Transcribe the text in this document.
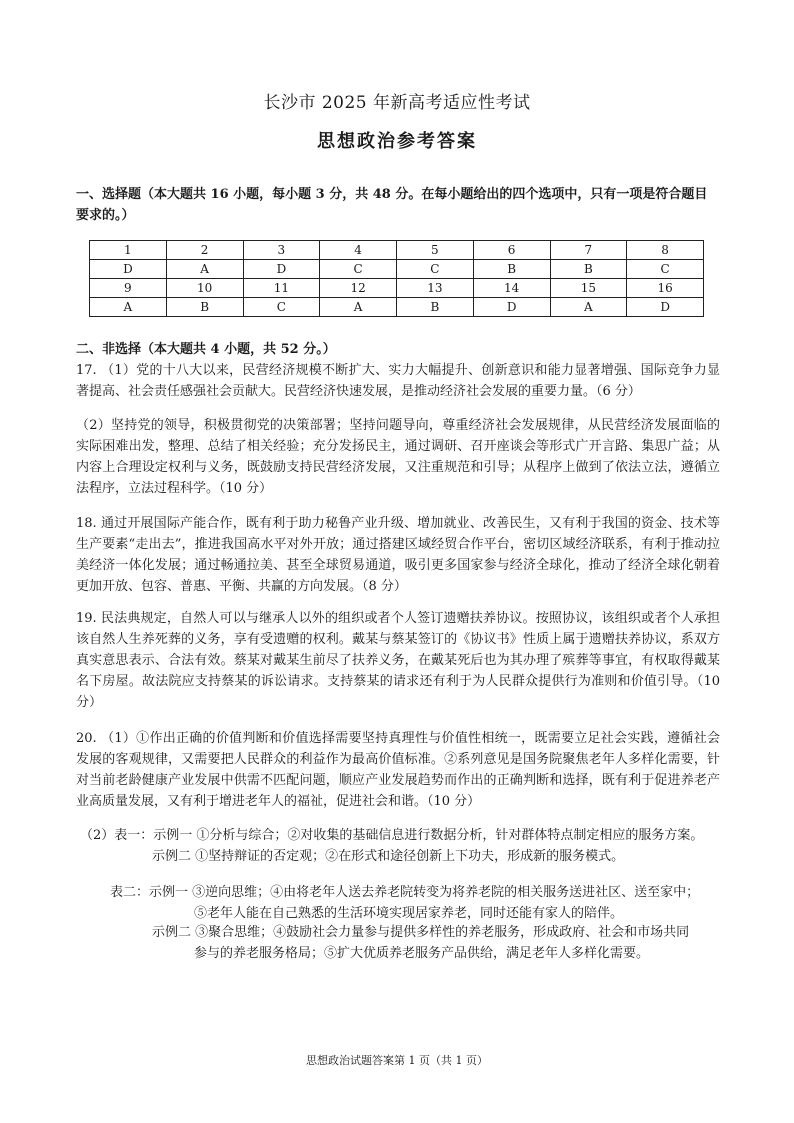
长沙市 2025 年新高考适应性考试
思想政治参考答案
一、选择题（本大题共 16 小题，每小题 3 分，共 48 分。在每小题给出的四个选项中，只有一项是符合题目要求的。）
1	2	3	4	5	6	7	8
D	A	D	C	C	B	B	C
9	10	11	12	13	14	15	16
A	B	C	A	B	D	A	D
二、非选择（本大题共 4 小题，共 52 分。）
17. （1）党的十八大以来，民营经济规模不断扩大、实力大幅提升、创新意识和能力显著增强、国际竞争力显著提高、社会责任感强社会贡献大。民营经济快速发展，是推动经济社会发展的重要力量。（6 分）
（2）坚持党的领导，积极贯彻党的决策部署；坚持问题导向，尊重经济社会发展规律，从民营经济发展面临的实际困难出发，整理、总结了相关经验；充分发扬民主，通过调研、召开座谈会等形式广开言路、集思广益；从内容上合理设定权利与义务，既鼓励支持民营经济发展，又注重规范和引导；从程序上做到了依法立法，遵循立法程序，立法过程科学。（10 分）
18. 通过开展国际产能合作，既有利于助力秘鲁产业升级、增加就业、改善民生，又有利于我国的资金、技术等生产要素“走出去”，推进我国高水平对外开放；通过搭建区域经贸合作平台，密切区域经济联系，有利于推动拉美经济一体化发展；通过畅通拉美、甚至全球贸易通道，吸引更多国家参与经济全球化，推动了经济全球化朝着更加开放、包容、普惠、平衡、共赢的方向发展。（8 分）
19. 民法典规定，自然人可以与继承人以外的组织或者个人签订遗赠扶养协议。按照协议，该组织或者个人承担该自然人生养死葬的义务，享有受遗赠的权利。戴某与蔡某签订的《协议书》性质上属于遗赠扶养协议，系双方真实意思表示、合法有效。蔡某对戴某生前尽了扶养义务，在戴某死后也为其办理了殡葬等事宜，有权取得戴某名下房屋。故法院应支持蔡某的诉讼请求。支持蔡某的请求还有利于为人民群众提供行为准则和价值引导。（10 分）
20. （1）①作出正确的价值判断和价值选择需要坚持真理性与价值性相统一，既需要立足社会实践，遵循社会发展的客观规律，又需要把人民群众的利益作为最高价值标准。②系列意见是国务院聚焦老年人多样化需要，针对当前老龄健康产业发展中供需不匹配问题，顺应产业发展趋势而作出的正确判断和选择，既有利于促进养老产业高质量发展，又有利于增进老年人的福祉，促进社会和谐。（10 分）
（2）表一：示例一 ①分析与综合；②对收集的基础信息进行数据分析，针对群体特点制定相应的服务方案。
示例二 ①坚持辩证的否定观；②在形式和途径创新上下功夫，形成新的服务模式。
表二：示例一 ③逆向思维；④由将老年人送去养老院转变为将养老院的相关服务送进社区、送至家中；
⑤老年人能在自己熟悉的生活环境实现居家养老，同时还能有家人的陪伴。
示例二 ③聚合思维；④鼓励社会力量参与提供多样性的养老服务，形成政府、社会和市场共同
参与的养老服务格局；⑤扩大优质养老服务产品供给，满足老年人多样化需要。
思想政治试题答案第 1 页（共 1 页）
